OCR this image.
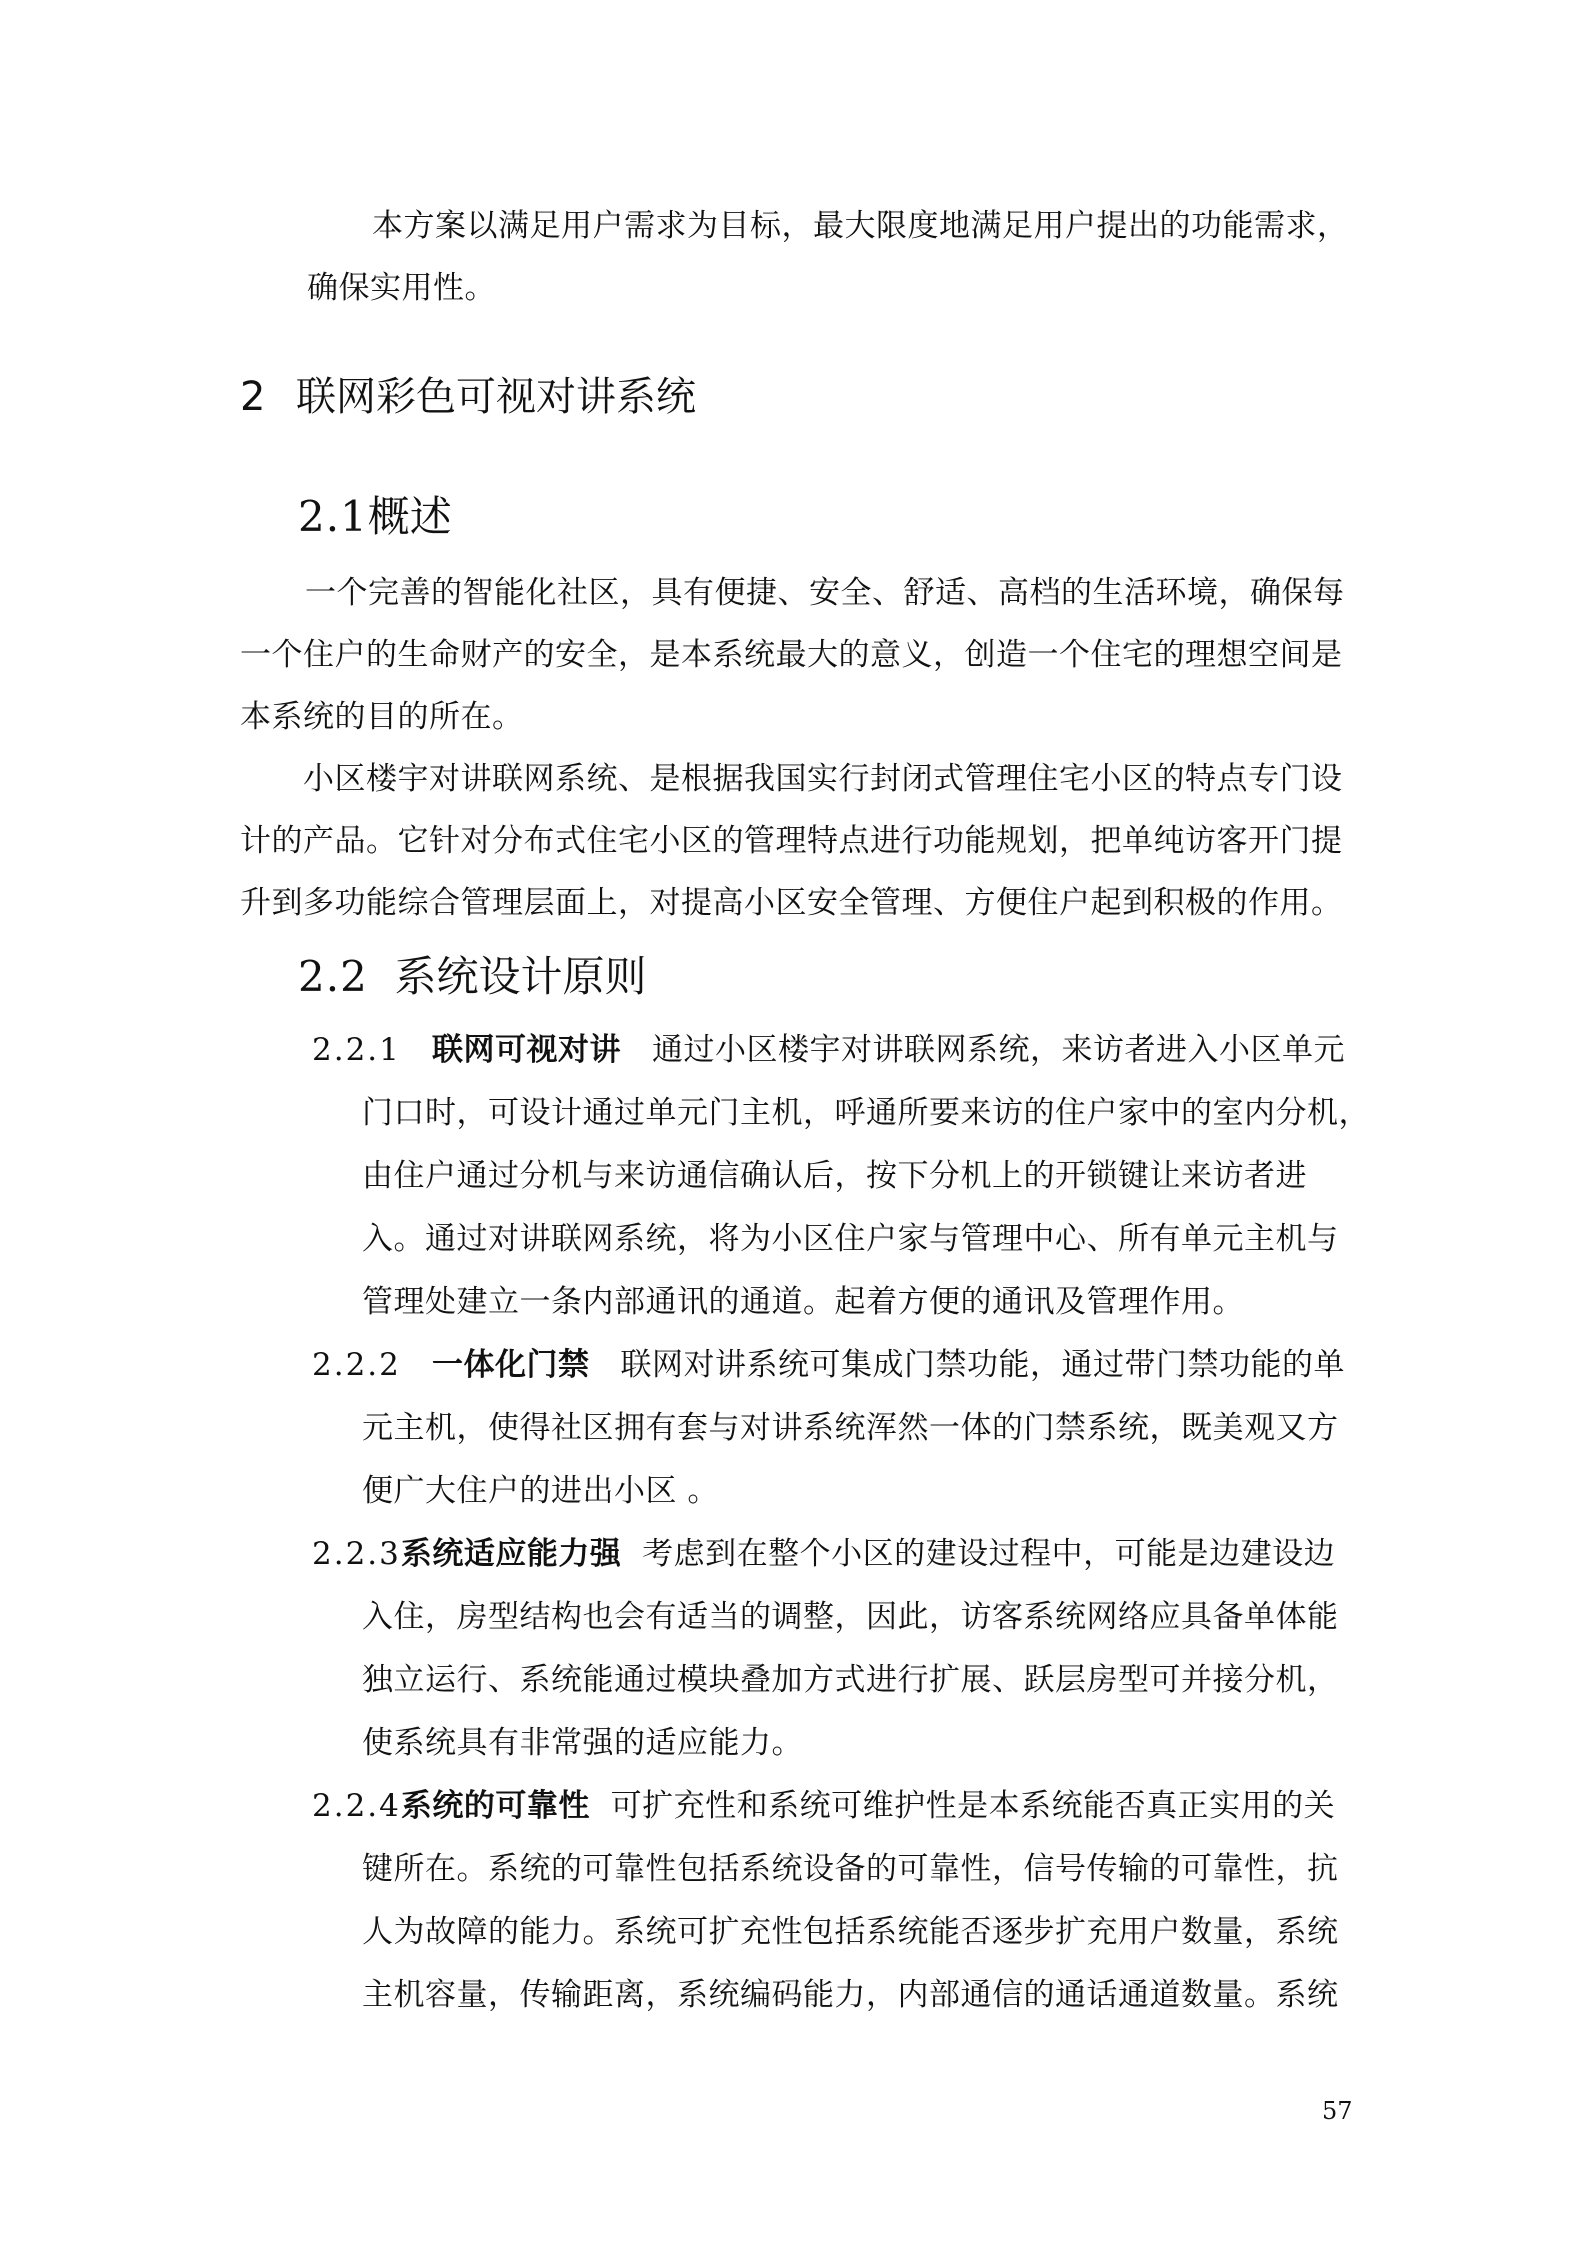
本方案以满足用户需求为目标，最大限度地满足用户提出的功能需求，
确保实用性。
2 联网彩色可视对讲系统
2.1概述
一个完善的智能化社区，具有便捷、安全、舒适、高档的生活环境，确保每
一个住户的生命财产的安全，是本系统最大的意义，创造一个住宅的理想空间是
本系统的目的所在。
小区楼宇对讲联网系统、是根据我国实行封闭式管理住宅小区的特点专门设
计的产品。它针对分布式住宅小区的管理特点进行功能规划，把单纯访客开门提
升到多功能综合管理层面上，对提高小区安全管理、方便住户起到积极的作用。
2.2 系统设计原则
2.2.1 联网可视对讲 通过小区楼宇对讲联网系统，来访者进入小区单元
门口时，可设计通过单元门主机，呼通所要来访的住户家中的室内分机，
由住户通过分机与来访通信确认后，按下分机上的开锁键让来访者进
入。通过对讲联网系统，将为小区住户家与管理中心、所有单元主机与
管理处建立一条内部通讯的通道。起着方便的通讯及管理作用。
2.2.2 一体化门禁 联网对讲系统可集成门禁功能，通过带门禁功能的单
元主机，使得社区拥有套与对讲系统浑然一体的门禁系统，既美观又方
便广大住户的进出小区 。
2.2.3系统适应能力强 考虑到在整个小区的建设过程中，可能是边建设边
入住，房型结构也会有适当的调整，因此，访客系统网络应具备单体能
独立运行、系统能通过模块叠加方式进行扩展、跃层房型可并接分机，
使系统具有非常强的适应能力。
2.2.4系统的可靠性 可扩充性和系统可维护性是本系统能否真正实用的关
键所在。系统的可靠性包括系统设备的可靠性，信号传输的可靠性，抗
人为故障的能力。系统可扩充性包括系统能否逐步扩充用户数量，系统
主机容量，传输距离，系统编码能力，内部通信的通话通道数量。系统
57
